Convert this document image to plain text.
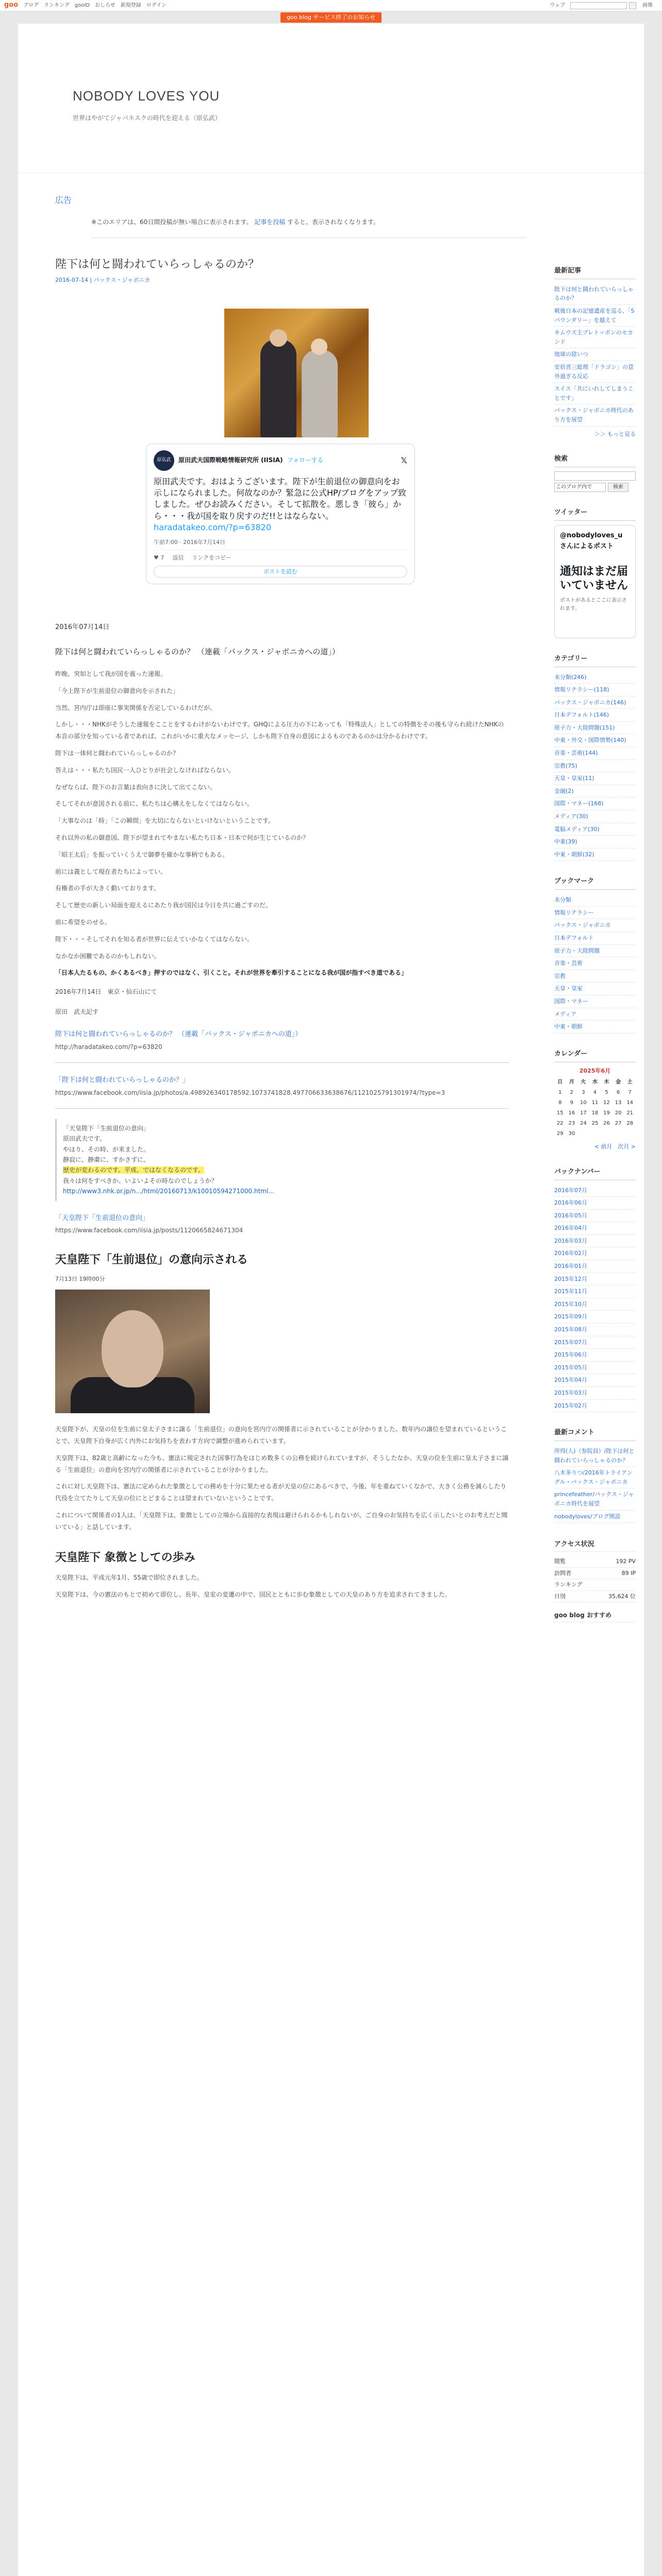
goo ブログ ランキング gooID おしらせ 新規登録 ログイン	ウェブ	画像
goo blog サービス終了のお知らせ
NOBODY LOVES YOU
世界はやがてジャパネスクの時代を迎える（原弘武）
広告
※このエリアは、60日間投稿が無い場合に表示されます。 記事を投稿 すると、表示されなくなります。
陛下は何と闘われていらっしゃるのか？
2016-07-14 | パックス・ジャポニカ
原弘武	原田武夫国際戦略情報研究所 (IISIA) フォローする	𝕏
原田武夫です。おはようございます。陛下が生前退位の御意向をお示しになられました。何故なのか？緊急に公式HP/ブログをアップ致しました。ぜひお読みください。そして拡散を。悪しき「彼ら」から・・・我が国を取り戻すのだ!!とはならない。 haradatakeo.com/?p=63820
午前7:00 · 2016年7月14日
♥ 7 返信 リンクをコピー
ポストを読む
2016年07月14日
陛下は何と闘われていらっしゃるのか？ （連載「パックス・ジャポニカへの道」）

昨晩、突如として我が国を震った速報。

「今上陛下が生前退位の御意向を示された」

当然、宮内庁は即座に事実関係を否定しているわけだが。

しかし・・・NHKがそうした速報をこことをするわけがないわけです。GHQによる圧力の下にあっても「特殊法人」としての特徴をその後も守られ続けたNHKの本音の部分を知っている者であれば、これがいかに重大なメッセージ、しかも陛下自身の意図によるものであるのかは分かるわけです。

陛下は一体何と闘われていらっしゃるのか？

答えは・・・私たち国民一人ひとりが社会しなければならない。

なぜならば、陛下のお言葉は表向きに決して出てこない。

そしてそれが意図される前に、私たちは心構えをしなくてはならない。

「大事なのは「時」「この瞬間」を大切にならないといけないということです。

それ以外の私の御意図、陛下が望まれてやまない私たち日本・日本で何が生じているのか？

「昭王太后」を振っていくうえで御夢を確かな事柄でもある。

前には義として現在者たちによってい。

有権者の手が大きく動いております。

そして歴史の新しい局面を迎えるにあたり我が国民は今日を共に過ごすのだ。

前に希望をのせる。

陛下・・・そしてそれを知る者が世界に伝えていかなくてはならない。

なかなか困難であるのかもしれない。

「日本人たるもの、かくあるべき」押すのではなく、引くこと。それが世界を牽引することになる我が国が指すべき道である」

2016年7月14日　東京・仙石山にて

原田　武夫記す
陛下は何と闘われていらっしゃるのか？ （連載「パックス・ジャポニカへの道」）
http://haradatakeo.com/?p=63820
「陛下は何と闘われていらっしゃるのか？」
https://www.facebook.com/iisia.jp/photos/a.498926340178592.1073741828.497706633638676/1121025791301974/?type=3
「天皇陛下「生前退位の意向」
原田武夫です。
やはり、その時、が来ました。
静寂に、静粛に、すかさずに。
歴史が変わるのです。平成、ではなくなるのです。
我々は何をすべきか、いよいよその時なのでしょうか？
http://www3.nhk.or.jp/n.../html/20160713/k10010594271000.html...
「天皇陛下「生前退位の意向」
https://www.facebook.com/iisia.jp/posts/1120665824671304
天皇陛下「生前退位」の意向示される
7月13日 19時00分

天皇陛下が、天皇の位を生前に皇太子さまに譲る「生前退位」の意向を宮内庁の関係者に示されていることが分かりました。数年内の譲位を望まれているということで、天皇陛下自身が広く内外にお気持ちを表わす方向で調整が進められています。

天皇陛下は、82歳と高齢になった今も、憲法に規定された国事行為をはじめ数多くの公務を続けられていますが、そうしたなか、天皇の位を生前に皇太子さまに譲る「生前退位」の意向を宮内庁の関係者に示されていることが分かりました。

これに対し天皇陛下は、憲法に定められた象徴としての務めを十分に果たせる者が天皇の位にあるべきで、今後、年を重ねていくなかで、大きく公務を減らしたり代役を立てたりして天皇の位にとどまることは望まれていないということです。

これについて関係者の1人は、「天皇陛下は、象徴としての立場から直接的な表現は避けられるかもしれないが、ご自身のお気持ちを広く示したいとのお考えだと聞いている」と話しています。

天皇陛下 象徴としての歩み

天皇陛下は、平成元年1月、55歳で即位されました。

天皇陛下は、今の憲法のもとで初めて即位し、長年、皇室の変遷の中で、国民とともに歩む象徴としての天皇のあり方を追求されてきました。

最新記事
陛下は何と闘われていらっしゃるのか？
戦後日本の記憶遺産を巡る、「Sパウンダリー」を越えて
キムウズ主ブレトッポンのセカンド
地球の陰いつ
安倍晋三総理「ドラゴン」の意外過ぎる反応
スイス「共にいれしてしまうことです」
パックス・ジャポニカ時代のあり方を展望
＞＞ もっと見る
検索
このブログ内で	検索
ツイッター
@nobodyloves_u さんによるポスト
通知はまだ届いていません
ポストがあるとここに表示されます。
カテゴリー
未分類(246)
情報リテラシー(118)
パックス・ジャポニカ(146)
日本デフォルト(146)
原子力・大陸問題(151)
中東・外交・国際情勢(140)
音楽・芸術(144)
宗教(75)
天皇・皇室(11)
金融(2)
国際・マネー(168)
メディア(30)
電脳メディア(30)
中東(39)
中東・朝鮮(32)
ブックマーク
未分類
情報リテラシー
パックス・ジャポニカ
日本デフォルト
原子力・大陸問題
音楽・芸術
宗教
天皇・皇室
国際・マネー
メディア
中東・朝鮮
カレンダー
2025年6月
日	月	火	水	木	金	土
1	2	3	4	5	6	7
8	9	10	11	12	13	14
15	16	17	18	19	20	21
22	23	24	25	26	27	28
29	30					
< 前月　次月 >
バックナンバー
2016年07月
2016年06月
2016年05月
2016年04月
2016年03月
2016年02月
2016年01月
2015年12月
2015年11月
2015年10月
2015年09月
2015年08月
2015年07月
2015年06月
2015年05月
2015年04月
2015年03月
2015年02月
最新コメント
所得(人)（参院員）/陛下は何と闘われていらっしゃるのか？
八木多りつ/2016年トライアングル・パックス・ジャポニカ
princefeather/パックス・ジャポニカ時代を展望
nobodyloves/ブログ開設
アクセス状況
閲覧	192 PV
訪問者	89 IP
ランキング
日別	35,624 位
goo blog おすすめ
